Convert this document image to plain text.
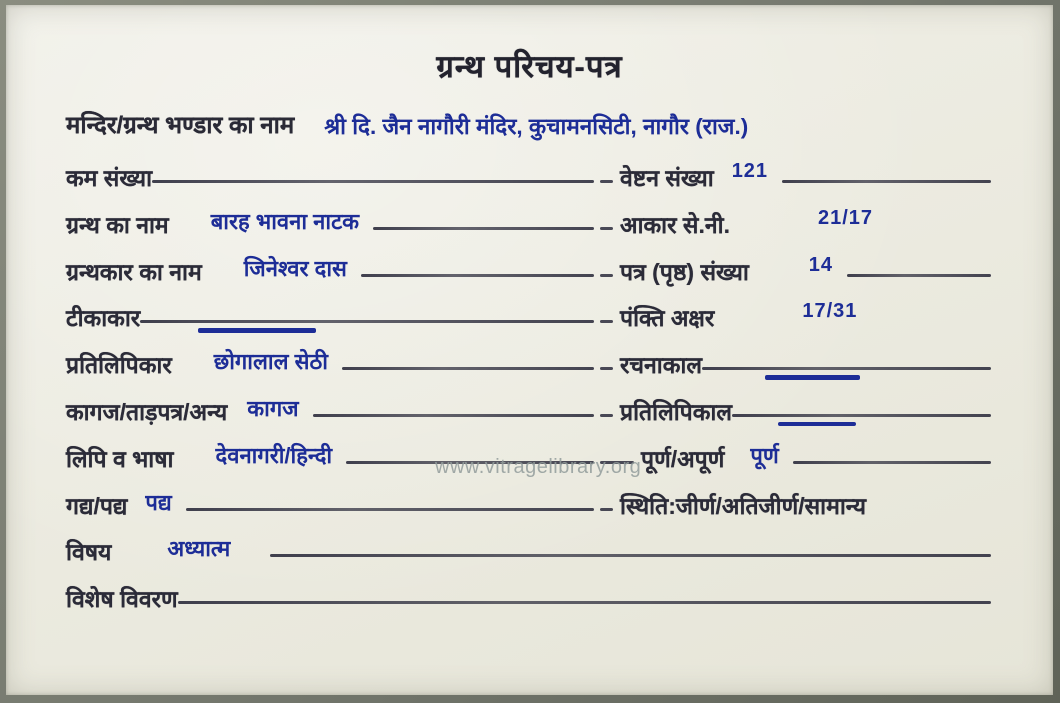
ग्रन्थ परिचय-पत्र
मन्दिर/ग्रन्थ भण्डार का नाम श्री दि. जैन नागौरी मंदिर, कुचामनसिटी, नागौर (राज.)
कम संख्या	वेष्टन संख्या 121
ग्रन्थ का नाम बारह भावना नाटक	आकार से.नी.	21/17
ग्रन्थकार का नाम जिनेश्वर दास	पत्र (पृष्ठ) संख्या	14
टीकाकार	पंक्ति अक्षर	17/31
प्रतिलिपिकार छोगालाल सेठी	रचनाकाल
कागज/ताड़पत्र/अन्य कागज	प्रतिलिपिकाल
लिपि व भाषा देवनागरी/हिन्दी	पूर्ण/अपूर्ण पूर्ण
गद्य/पद्य पद्य	स्थिति:जीर्ण/अतिजीर्ण/सामान्य
विषय	अध्यात्म
विशेष विवरण
www.vitragelibrary.org
